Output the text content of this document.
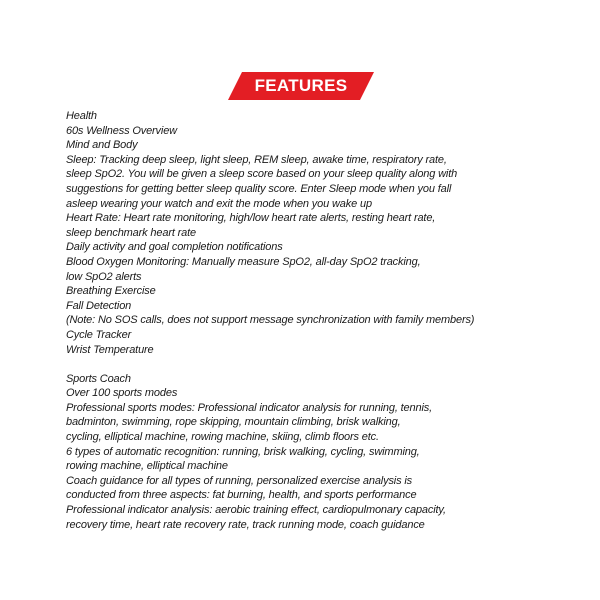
FEATURES
Health
60s Wellness Overview
Mind and Body
Sleep: Tracking deep sleep, light sleep, REM sleep, awake time, respiratory rate,
sleep SpO2. You will be given a sleep score based on your sleep quality along with
suggestions for getting better sleep quality score. Enter Sleep mode when you fall
asleep wearing your watch and exit the mode when you wake up
Heart Rate: Heart rate monitoring, high/low heart rate alerts, resting heart rate,
sleep benchmark heart rate
Daily activity and goal completion notifications
Blood Oxygen Monitoring: Manually measure SpO2, all-day SpO2 tracking,
low SpO2 alerts
Breathing Exercise
Fall Detection
(Note: No SOS calls, does not support message synchronization with family members)
Cycle Tracker
Wrist Temperature
Sports Coach
Over 100 sports modes
Professional sports modes: Professional indicator analysis for running, tennis,
badminton, swimming, rope skipping, mountain climbing, brisk walking,
cycling, elliptical machine, rowing machine, skiing, climb floors etc.
6 types of automatic recognition: running, brisk walking, cycling, swimming,
rowing machine, elliptical machine
Coach guidance for all types of running, personalized exercise analysis is
conducted from three aspects: fat burning, health, and sports performance
Professional indicator analysis: aerobic training effect, cardiopulmonary capacity,
recovery time, heart rate recovery rate, track running mode, coach guidance
